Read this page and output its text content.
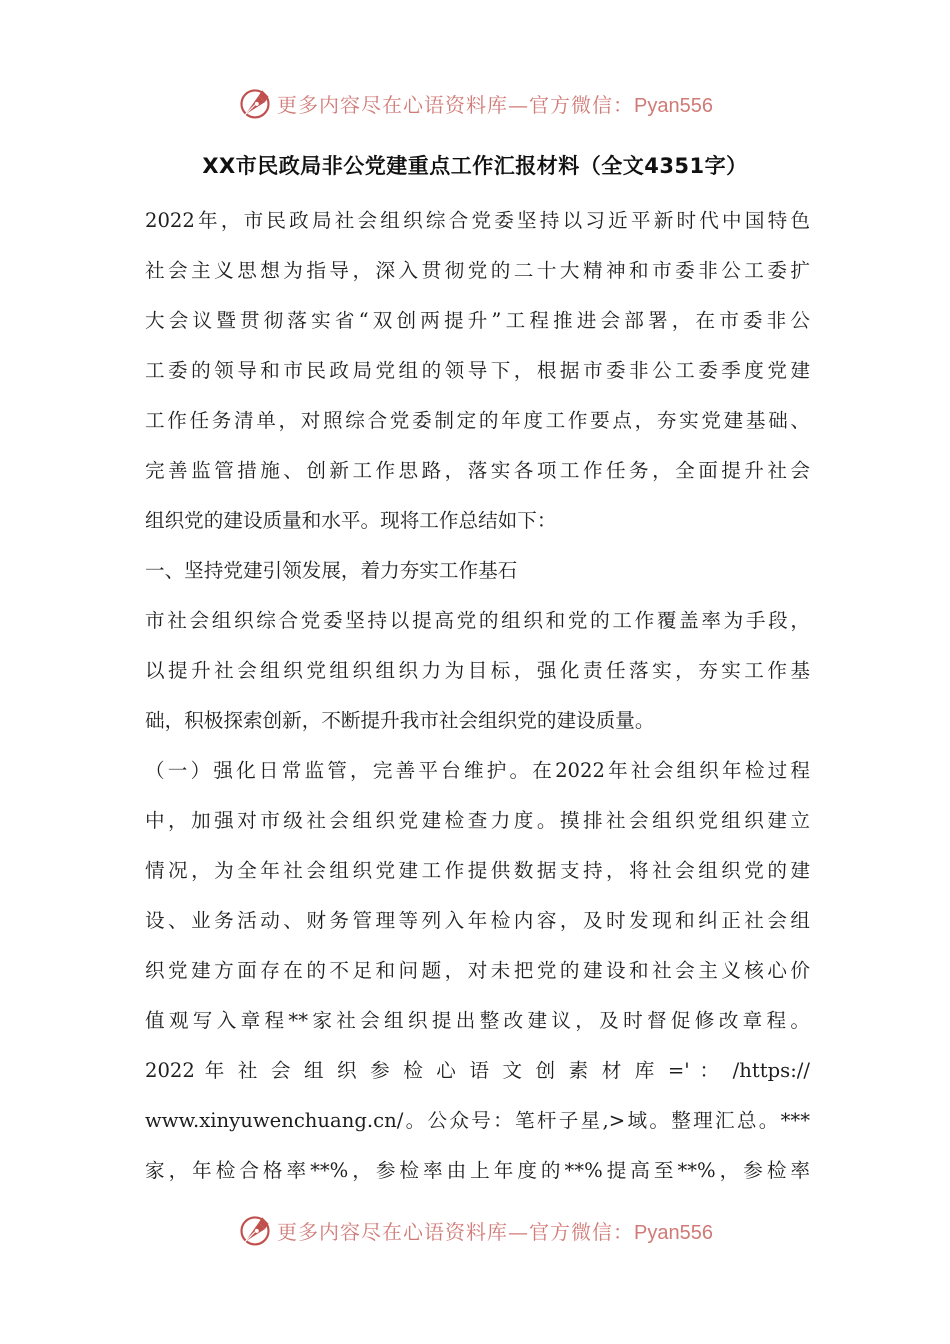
更多内容尽在心语资料库—官方微信：Pyan556
XX市民政局非公党建重点工作汇报材料（全文4351字）
2022年，市民政局社会组织综合党委坚持以习近平新时代中国特色
社会主义思想为指导，深入贯彻党的二十大精神和市委非公工委扩
大会议暨贯彻落实省“双创两提升”工程推进会部署，在市委非公
工委的领导和市民政局党组的领导下，根据市委非公工委季度党建
工作任务清单，对照综合党委制定的年度工作要点，夯实党建基础、
完善监管措施、创新工作思路，落实各项工作任务，全面提升社会
组织党的建设质量和水平。现将工作总结如下：
一、坚持党建引领发展，着力夯实工作基石
市社会组织综合党委坚持以提高党的组织和党的工作覆盖率为手段，
以提升社会组织党组织组织力为目标，强化责任落实，夯实工作基
础，积极探索创新，不断提升我市社会组织党的建设质量。
（一）强化日常监管，完善平台维护。在2022年社会组织年检过程
中，加强对市级社会组织党建检查力度。摸排社会组织党组织建立
情况，为全年社会组织党建工作提供数据支持，将社会组织党的建
设、业务活动、财务管理等列入年检内容，及时发现和纠正社会组
织党建方面存在的不足和问题，对未把党的建设和社会主义核心价
值观写入章程**家社会组织提出整改建议，及时督促修改章程。
2022 年 社 会 组 织 参 检 心 语 文 创 素 材 库 =' ： /https://
www.xinyuwenchuang.cn/。公众号：笔杆子星,>域。整理汇总。***
家，年检合格率**%，参检率由上年度的**%提高至**%，参检率
更多内容尽在心语资料库—官方微信：Pyan556
